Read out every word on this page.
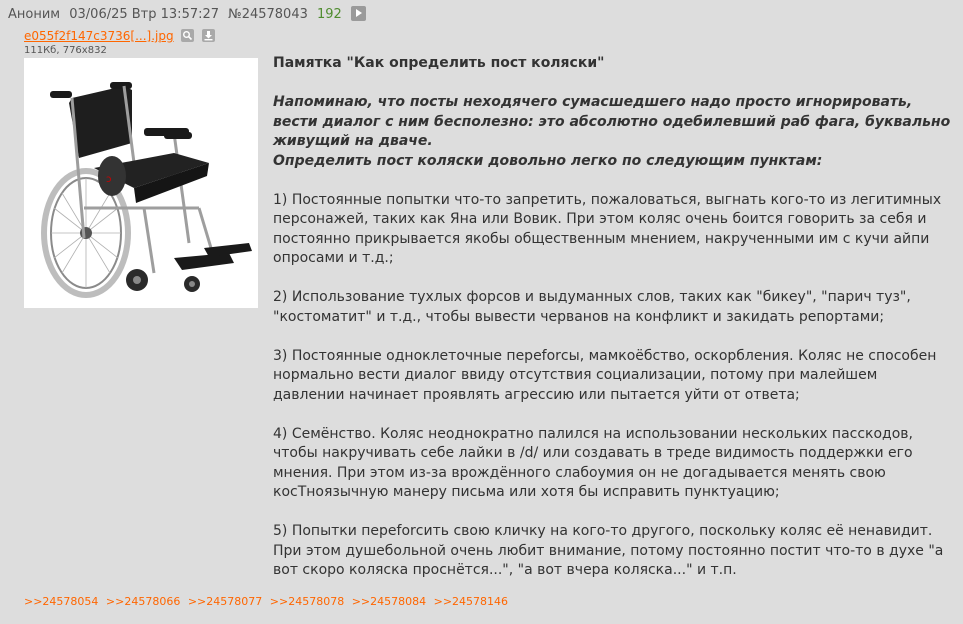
Аноним 03/06/25 Втр 13:57:27 №24578043 192
e055f2f147c3736[...].jpg

111Кб, 776x832
ↄ

Памятка "Как определить пост коляски"

Напоминаю, что посты неходячего сумасшедшего надо просто игнорировать, вести диалог с ним бесполезно: это абсолютно одебилевший раб фага, буквально живущий на дваче.

Определить пост коляски довольно легко по следующим пунктам:

1) Постоянные попытки что-то запретить, пожаловаться, выгнать кого-то из легитимных персонажей, таких как Яна или Вовик. При этом коляс очень боится говорить за себя и постоянно прикрывается якобы общественным мнением, накрученными им с кучи айпи опросами и т.д.;

2) Использование тухлых форсов и выдуманных слов, таких как "бикеу", "парич туз", "костоматит" и т.д., чтобы вывести черванов на конфликт и закидать репортами;

3) Постоянные одноклеточные переforсы, мамкоёбство, оскорбления. Коляс не способен нормально вести диалог ввиду отсутствия социализации, потому при малейшем давлении начинает проявлять агрессию или пытается уйти от ответа;

4) Семёнство. Коляс неоднократно палился на использовании нескольких пасскодов, чтобы накручивать себе лайки в /d/ или создавать в треде видимость поддержки его мнения. При этом из-за врождённого слабоумия он не догадывается менять свою косТноязычную манеру письма или хотя бы исправить пунктуацию;

5) Попытки переforсить свою кличку на кого-то другого, поскольку коляс её ненавидит. При этом душебольной очень любит внимание, потому постоянно постит что-то в духе "а вот скоро коляска проснётся...", "а вот вчера коляска..." и т.п.

>>24578054 >>24578066 >>24578077 >>24578078 >>24578084 >>24578146
